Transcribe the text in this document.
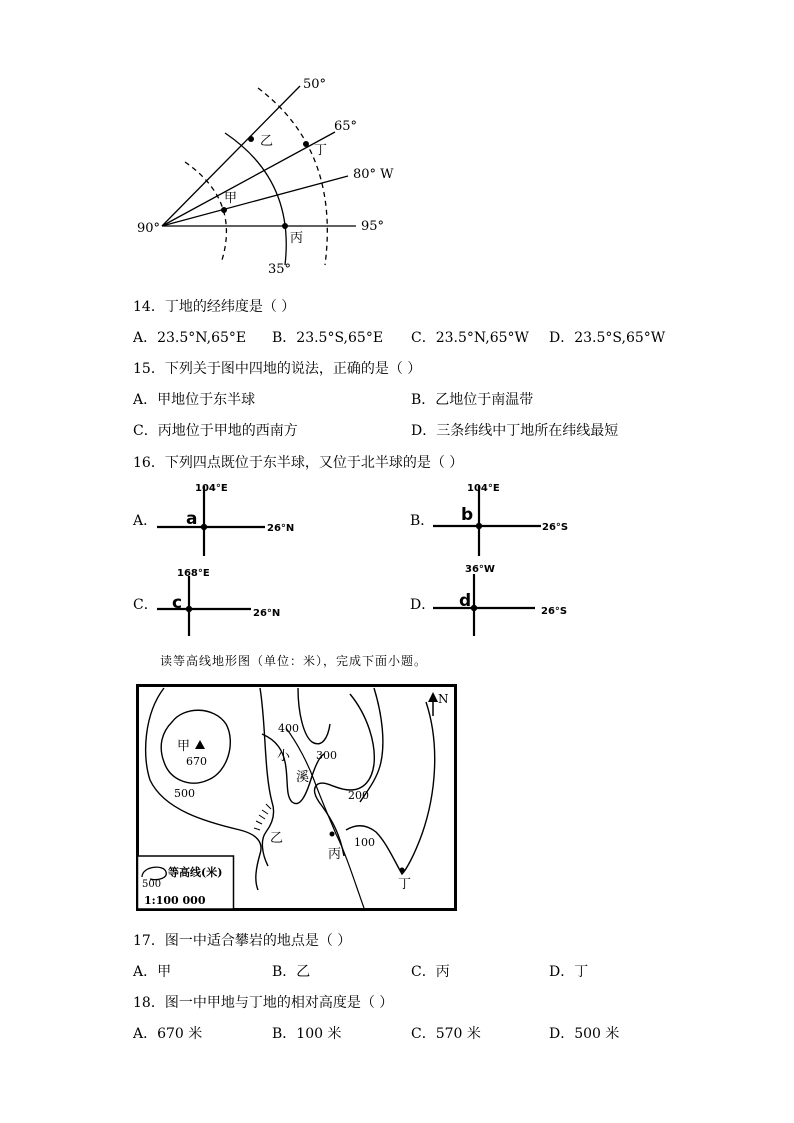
50°
65°
80° W
95°
90°
35°
乙
丁
甲
丙
14．丁地的经纬度是（ ）
A．23.5°N,65°E B．23.5°S,65°E C．23.5°N,65°W D．23.5°S,65°W
15．下列关于图中四地的说法，正确的是（ ）
A．甲地位于东半球	B．乙地位于南温带
C．丙地位于甲地的西南方	D．三条纬线中丁地所在纬线最短
16．下列四点既位于东半球，又位于北半球的是（ ）
A．
104°E
26°N
a	B．
104°E
26°S
b
C．
168°E
26°N
c	D．
36°W
26°S
d
读等高线地形图（单位：米），完成下面小题。
N
甲
670
500
400
300
200
100
小
溪
乙
丙
丁
500
等高线(米)
1:100 000
17．图一中适合攀岩的地点是（ ）
A．甲	B．乙	C．丙	D．丁
18．图一中甲地与丁地的相对高度是（ ）
A．670 米	B．100 米	C．570 米	D．500 米
